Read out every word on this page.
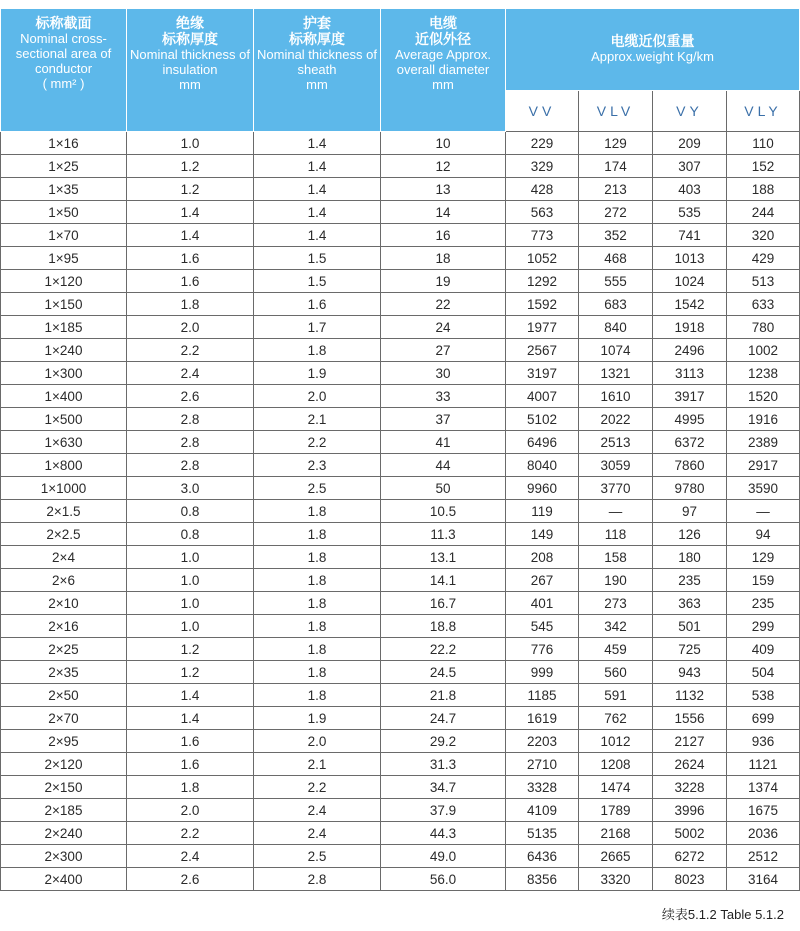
标称截面
Nominal cross-sectional area of conductor
( mm² )	绝缘
标称厚度
Nominal thickness of insulation
mm	护套
标称厚度
Nominal thickness of sheath
mm	电缆
近似外径
Average Approx. overall diameter
mm	电缆近似重量
Approx.weight Kg/km			

				VV	VLV	VY	VLY
1×16	1.0	1.4	10	229	129	209	110
1×25	1.2	1.4	12	329	174	307	152
1×35	1.2	1.4	13	428	213	403	188
1×50	1.4	1.4	14	563	272	535	244
1×70	1.4	1.4	16	773	352	741	320
1×95	1.6	1.5	18	1052	468	1013	429
1×120	1.6	1.5	19	1292	555	1024	513
1×150	1.8	1.6	22	1592	683	1542	633
1×185	2.0	1.7	24	1977	840	1918	780
1×240	2.2	1.8	27	2567	1074	2496	1002
1×300	2.4	1.9	30	3197	1321	3113	1238
1×400	2.6	2.0	33	4007	1610	3917	1520
1×500	2.8	2.1	37	5102	2022	4995	1916
1×630	2.8	2.2	41	6496	2513	6372	2389
1×800	2.8	2.3	44	8040	3059	7860	2917
1×1000	3.0	2.5	50	9960	3770	9780	3590
2×1.5	0.8	1.8	10.5	119	—	97	—
2×2.5	0.8	1.8	11.3	149	118	126	94
2×4	1.0	1.8	13.1	208	158	180	129
2×6	1.0	1.8	14.1	267	190	235	159
2×10	1.0	1.8	16.7	401	273	363	235
2×16	1.0	1.8	18.8	545	342	501	299
2×25	1.2	1.8	22.2	776	459	725	409
2×35	1.2	1.8	24.5	999	560	943	504
2×50	1.4	1.8	21.8	1185	591	1132	538
2×70	1.4	1.9	24.7	1619	762	1556	699
2×95	1.6	2.0	29.2	2203	1012	2127	936
2×120	1.6	2.1	31.3	2710	1208	2624	1121
2×150	1.8	2.2	34.7	3328	1474	3228	1374
2×185	2.0	2.4	37.9	4109	1789	3996	1675
2×240	2.2	2.4	44.3	5135	2168	5002	2036
2×300	2.4	2.5	49.0	6436	2665	6272	2512
2×400	2.6	2.8	56.0	8356	3320	8023	3164
续表5.1.2 Table 5.1.2
